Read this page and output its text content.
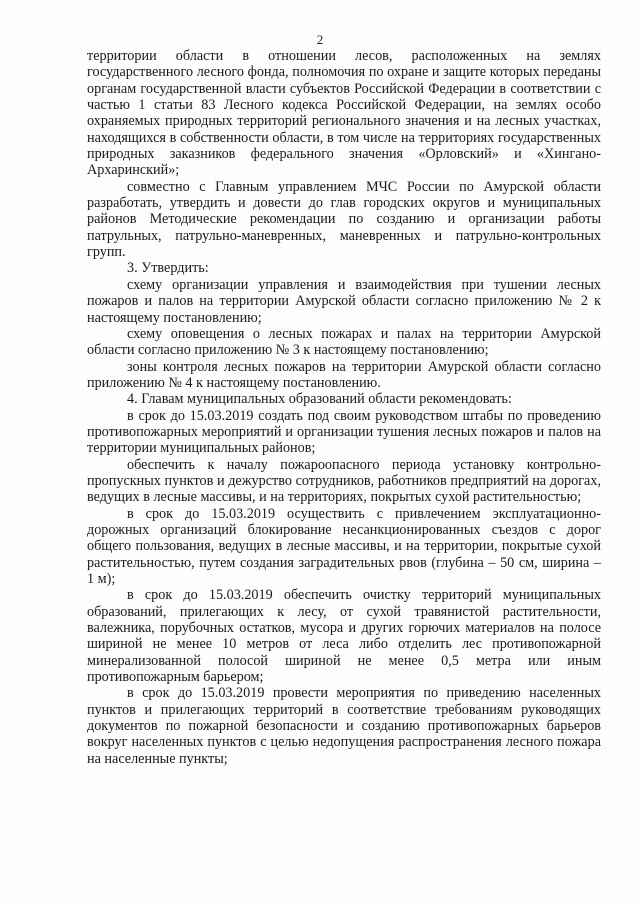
2

территории области в отношении лесов, расположенных на землях государственного лесного фонда, полномочия по охране и защите которых переданы органам государственной власти субъектов Российской Федерации в соответствии с частью 1 статьи 83 Лесного кодекса Российской Федерации, на землях особо охраняемых природных территорий регионального значения и на лесных участках, находящихся в собственности области, в том числе на территориях государственных природных заказников федерального значения «Орловский» и «Хингано-Архаринский»;

совместно с Главным управлением МЧС России по Амурской области разработать, утвердить и довести до глав городских округов и муниципальных районов Методические рекомендации по созданию и организации работы патрульных, патрульно-маневренных, маневренных и патрульно-контрольных групп.

3. Утвердить:

схему организации управления и взаимодействия при тушении лесных пожаров и палов на территории Амурской области согласно приложению № 2 к настоящему постановлению;

схему оповещения о лесных пожарах и палах на территории Амурской области согласно приложению № 3 к настоящему постановлению;

зоны контроля лесных пожаров на территории Амурской области согласно приложению № 4 к настоящему постановлению.

4. Главам муниципальных образований области рекомендовать:

в срок до 15.03.2019 создать под своим руководством штабы по проведению противопожарных мероприятий и организации тушения лесных пожаров и палов на территории муниципальных районов;

обеспечить к началу пожароопасного периода установку контрольно-пропускных пунктов и дежурство сотрудников, работников предприятий на дорогах, ведущих в лесные массивы, и на территориях, покрытых сухой растительностью;

в срок до 15.03.2019 осуществить с привлечением эксплуатационно-дорожных организаций блокирование несанкционированных съездов с дорог общего пользования, ведущих в лесные массивы, и на территории, покрытые сухой растительностью, путем создания заградительных рвов (глубина – 50 см, ширина – 1 м);

в срок до 15.03.2019 обеспечить очистку территорий муниципальных образований, прилегающих к лесу, от сухой травянистой растительности, валежника, порубочных остатков, мусора и других горючих материалов на полосе шириной не менее 10 метров от леса либо отделить лес противопожарной минерализованной полосой шириной не менее 0,5 метра или иным противопожарным барьером;

в срок до 15.03.2019 провести мероприятия по приведению населенных пунктов и прилегающих территорий в соответствие требованиям руководящих документов по пожарной безопасности и созданию противопожарных барьеров вокруг населенных пунктов с целью недопущения распространения лесного пожара на населенные пункты;
